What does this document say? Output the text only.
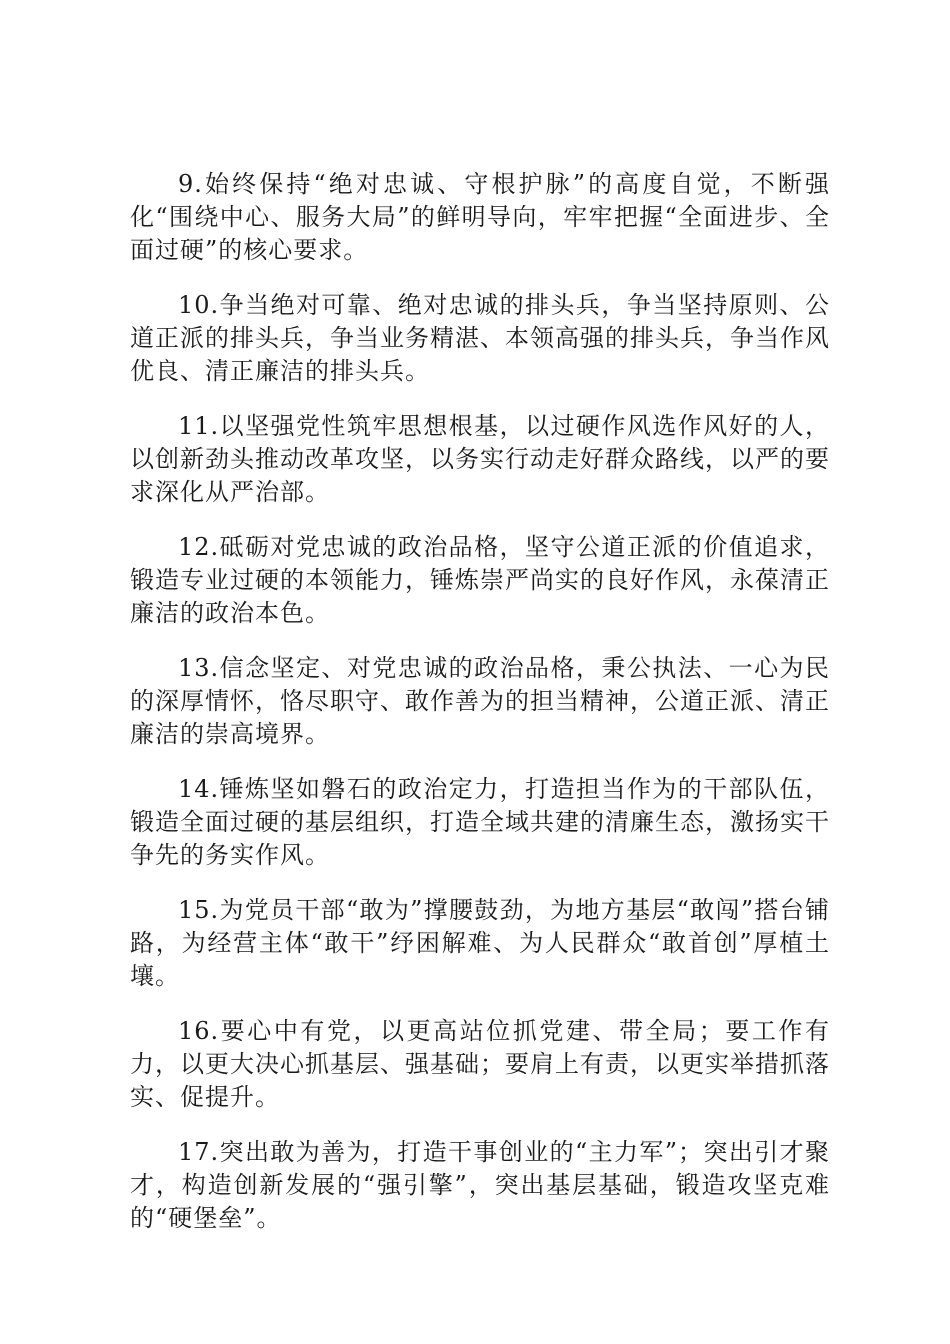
9.始终保持“绝对忠诚、守根护脉”的高度自觉，不断强化“围绕中心、服务大局”的鲜明导向，牢牢把握“全面进步、全面过硬”的核心要求。

10.争当绝对可靠、绝对忠诚的排头兵，争当坚持原则、公道正派的排头兵，争当业务精湛、本领高强的排头兵，争当作风优良、清正廉洁的排头兵。

11.以坚强党性筑牢思想根基，以过硬作风选作风好的人，以创新劲头推动改革攻坚，以务实行动走好群众路线，以严的要求深化从严治部。

12.砥砺对党忠诚的政治品格，坚守公道正派的价值追求，锻造专业过硬的本领能力，锤炼崇严尚实的良好作风，永葆清正廉洁的政治本色。

13.信念坚定、对党忠诚的政治品格，秉公执法、一心为民的深厚情怀，恪尽职守、敢作善为的担当精神，公道正派、清正廉洁的崇高境界。

14.锤炼坚如磐石的政治定力，打造担当作为的干部队伍，锻造全面过硬的基层组织，打造全域共建的清廉生态，激扬实干争先的务实作风。

15.为党员干部“敢为”撑腰鼓劲，为地方基层“敢闯”搭台铺路，为经营主体“敢干”纾困解难、为人民群众“敢首创”厚植土壤。

16.要心中有党，以更高站位抓党建、带全局；要工作有力，以更大决心抓基层、强基础；要肩上有责，以更实举措抓落实、促提升。

17.突出敢为善为，打造干事创业的“主力军”；突出引才聚才，构造创新发展的“强引擎”，突出基层基础，锻造攻坚克难的“硬堡垒”。
